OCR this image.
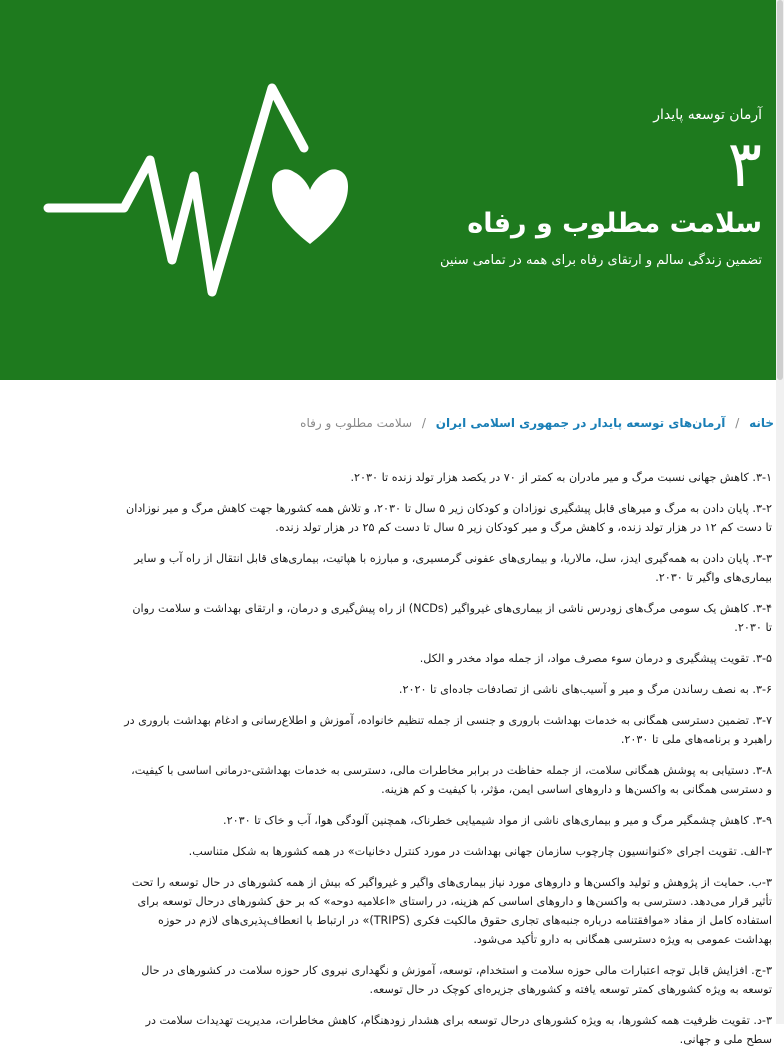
آرمان توسعه پایدار
۳
سلامت مطلوب و رفاه
تضمین زندگی سالم و ارتقای رفاه برای همه در تمامی سنین
خانه / آرمان‌های توسعه پایدار در جمهوری اسلامی ایران / سلامت مطلوب و رفاه
۳-۱. کاهش جهانی نسبت مرگ و میر مادران به کمتر از ۷۰ در یکصد هزار تولد زنده تا ۲۰۳۰.
۳-۲. پایان دادن به مرگ و میرهای قابل پیشگیری نوزادان و کودکان زیر ۵ سال تا ۲۰۳۰، و تلاش همه کشورها جهت کاهش مرگ و میر نوزادان تا دست کم ۱۲ در هزار تولد زنده، و کاهش مرگ و میر کودکان زیر ۵ سال تا دست کم ۲۵ در هزار تولد زنده.
۳-۳. پایان دادن به همه‌گیری ایدز، سل، مالاریا، و بیماری‌های عفونی گرمسیری، و مبارزه با هپاتیت، بیماری‌های قابل انتقال از راه آب و سایر بیماری‌های واگیر تا ۲۰۳۰.
۳-۴. کاهش یک سومی مرگ‌های زودرس ناشی از بیماری‌های غیرواگیر (NCDs) از راه پیش‌گیری و درمان، و ارتقای بهداشت و سلامت روان تا ۲۰۳۰.
۳-۵. تقویت پیشگیری و درمان سوء مصرف مواد، از جمله مواد مخدر و الکل.
۳-۶. به نصف رساندن مرگ و میر و آسیب‌های ناشی از تصادفات جاده‌ای تا ۲۰۲۰.
۳-۷. تضمین دسترسی همگانی به خدمات بهداشت باروری و جنسی از جمله تنظیم خانواده، آموزش و اطلاع‌رسانی و ادغام بهداشت باروری در راهبرد و برنامه‌های ملی تا ۲۰۳۰.
۳-۸. دستیابی به پوشش همگانی سلامت، از جمله حفاظت در برابر مخاطرات مالی، دسترسی به خدمات بهداشتی-درمانی اساسی با کیفیت، و دسترسی همگانی به واکسن‌ها و داروهای اساسی ایمن، مؤثر، با کیفیت و کم هزینه.
۳-۹. کاهش چشمگیر مرگ و میر و بیماری‌های ناشی از مواد شیمیایی خطرناک، همچنین آلودگی هوا، آب و خاک تا ۲۰۳۰.
۳-الف. تقویت اجرای «کنوانسیون چارچوب سازمان جهانی بهداشت در مورد کنترل دخانیات» در همه کشورها به شکل متناسب.
۳-ب. حمایت از پژوهش و تولید واکسن‌ها و داروهای مورد نیاز بیماری‌های واگیر و غیرواگیر که بیش از همه کشورهای در حال توسعه را تحت تأثیر قرار می‌دهد. دسترسی به واکسن‌ها و داروهای اساسی کم هزینه، در راستای «اعلامیه دوحه» که بر حق کشورهای درحال توسعه برای استفاده کامل از مفاد «موافقتنامه درباره جنبه‌های تجاری حقوق مالکیت فکری (TRIPS)» در ارتباط با انعطاف‌پذیری‌های لازم در حوزه بهداشت عمومی به ویژه دسترسی همگانی به دارو تأکید می‌شود.
۳-ج. افزایش قابل توجه اعتبارات مالی حوزه سلامت و استخدام، توسعه، آموزش و نگهداری نیروی کار حوزه سلامت در کشورهای در حال توسعه به ویژه کشورهای کمتر توسعه یافته و کشورهای جزیره‌ای کوچک در حال توسعه.
۳-د. تقویت ظرفیت همه کشورها، به ویژه کشورهای درحال توسعه برای هشدار زودهنگام، کاهش مخاطرات، مدیریت تهدیدات سلامت در سطح ملی و جهانی.
